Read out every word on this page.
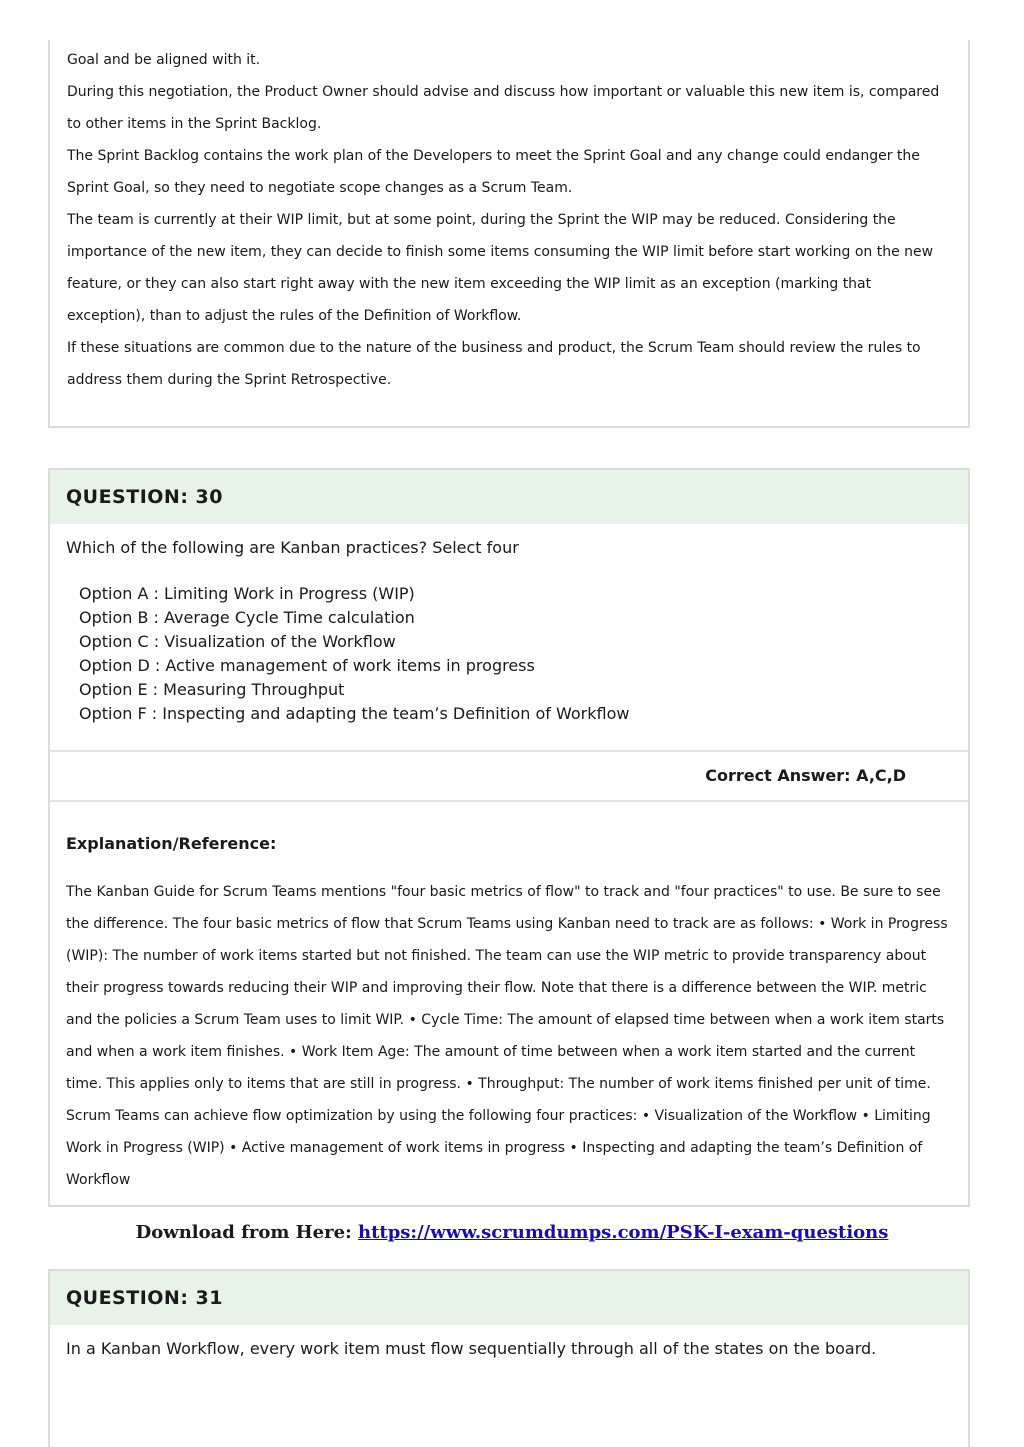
Goal and be aligned with it.

During this negotiation, the Product Owner should advise and discuss how important or valuable this new item is, compared to other items in the Sprint Backlog.

The Sprint Backlog contains the work plan of the Developers to meet the Sprint Goal and any change could endanger the Sprint Goal, so they need to negotiate scope changes as a Scrum Team.

The team is currently at their WIP limit, but at some point, during the Sprint the WIP may be reduced. Considering the importance of the new item, they can decide to finish some items consuming the WIP limit before start working on the new feature, or they can also start right away with the new item exceeding the WIP limit as an exception (marking that exception), than to adjust the rules of the Definition of Workflow.

If these situations are common due to the nature of the business and product, the Scrum Team should review the rules to address them during the Sprint Retrospective.

QUESTION: 30
Which of the following are Kanban practices? Select four
Option A : Limiting Work in Progress (WIP)
Option B : Average Cycle Time calculation
Option C : Visualization of the Workflow
Option D : Active management of work items in progress
Option E : Measuring Throughput
Option F : Inspecting and adapting the team’s Definition of Workflow
Correct Answer: A,C,D
Explanation/Reference:
The Kanban Guide for Scrum Teams mentions "four basic metrics of flow" to track and "four practices" to use. Be sure to see the difference. The four basic metrics of flow that Scrum Teams using Kanban need to track are as follows: • Work in Progress (WIP): The number of work items started but not finished. The team can use the WIP metric to provide transparency about their progress towards reducing their WIP and improving their flow. Note that there is a difference between the WIP. metric and the policies a Scrum Team uses to limit WIP. • Cycle Time: The amount of elapsed time between when a work item starts and when a work item finishes. • Work Item Age: The amount of time between when a work item started and the current time. This applies only to items that are still in progress. • Throughput: The number of work items finished per unit of time. Scrum Teams can achieve flow optimization by using the following four practices: • Visualization of the Workflow • Limiting Work in Progress (WIP) • Active management of work items in progress • Inspecting and adapting the team’s Definition of Workflow
Download from Here: https://www.scrumdumps.com/PSK-I-exam-questions
QUESTION: 31
In a Kanban Workflow, every work item must flow sequentially through all of the states on the board.
